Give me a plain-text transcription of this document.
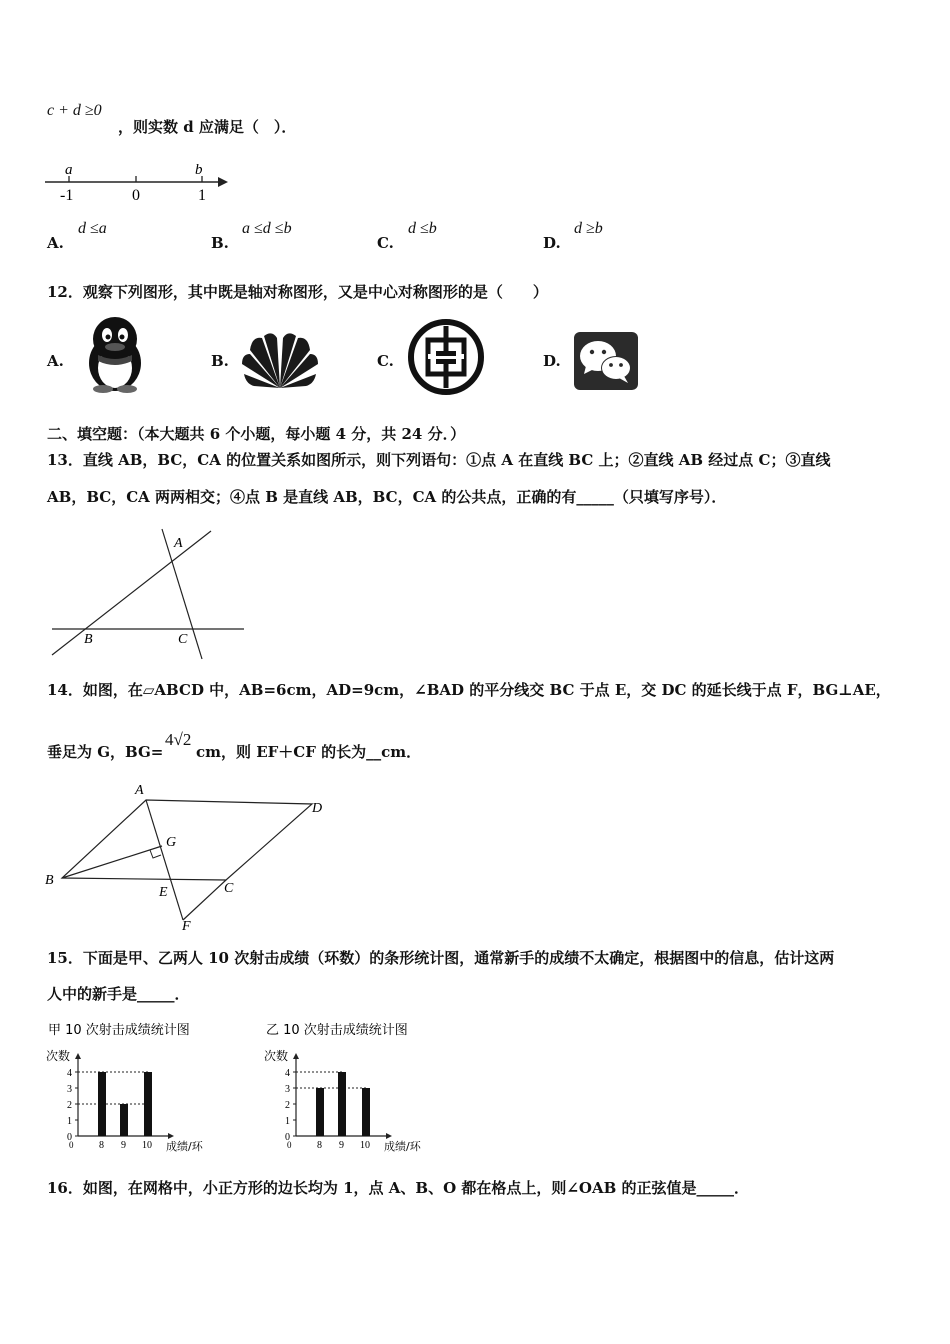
c + d ≥0
，则实数 d 应满足（　）．
a	b
-1	0	1
A.
d ≤a
B.
a ≤d ≤b
C.
d ≤b
D.
d ≥b
12．观察下列图形，其中既是轴对称图形，又是中心对称图形的是（　　）
A.	B.	C.	D.
二、填空题：（本大题共 6 个小题，每小题 4 分，共 24 分．）
13．直线 AB，BC，CA 的位置关系如图所示，则下列语句：①点 A 在直线 BC 上；②直线 AB 经过点 C；③直线
AB，BC，CA 两两相交；④点 B 是直线 AB，BC，CA 的公共点，正确的有_____（只填写序号）．
A
B	C
14．如图，在▱ABCD 中，AB=6cm，AD=9cm，∠BAD 的平分线交 BC 于点 E，交 DC 的延长线于点 F，BG⊥AE，
垂足为 G，BG=
4√2
cm，则 EF＋CF 的长为__cm．
A
D
B
C
E
F
G
15．下面是甲、乙两人 10 次射击成绩（环数）的条形统计图，通常新手的成绩不太确定，根据图中的信息，估计这两
人中的新手是_____．
甲 10 次射击成绩统计图
次数
成绩/环
0
1
2
3
4
8 9 10
0
乙 10 次射击成绩统计图
次数
成绩/环
0
1
2
3
4
8 9 10
0
16．如图，在网格中，小正方形的边长均为 1，点 A、B、O 都在格点上，则∠OAB 的正弦值是_____．
